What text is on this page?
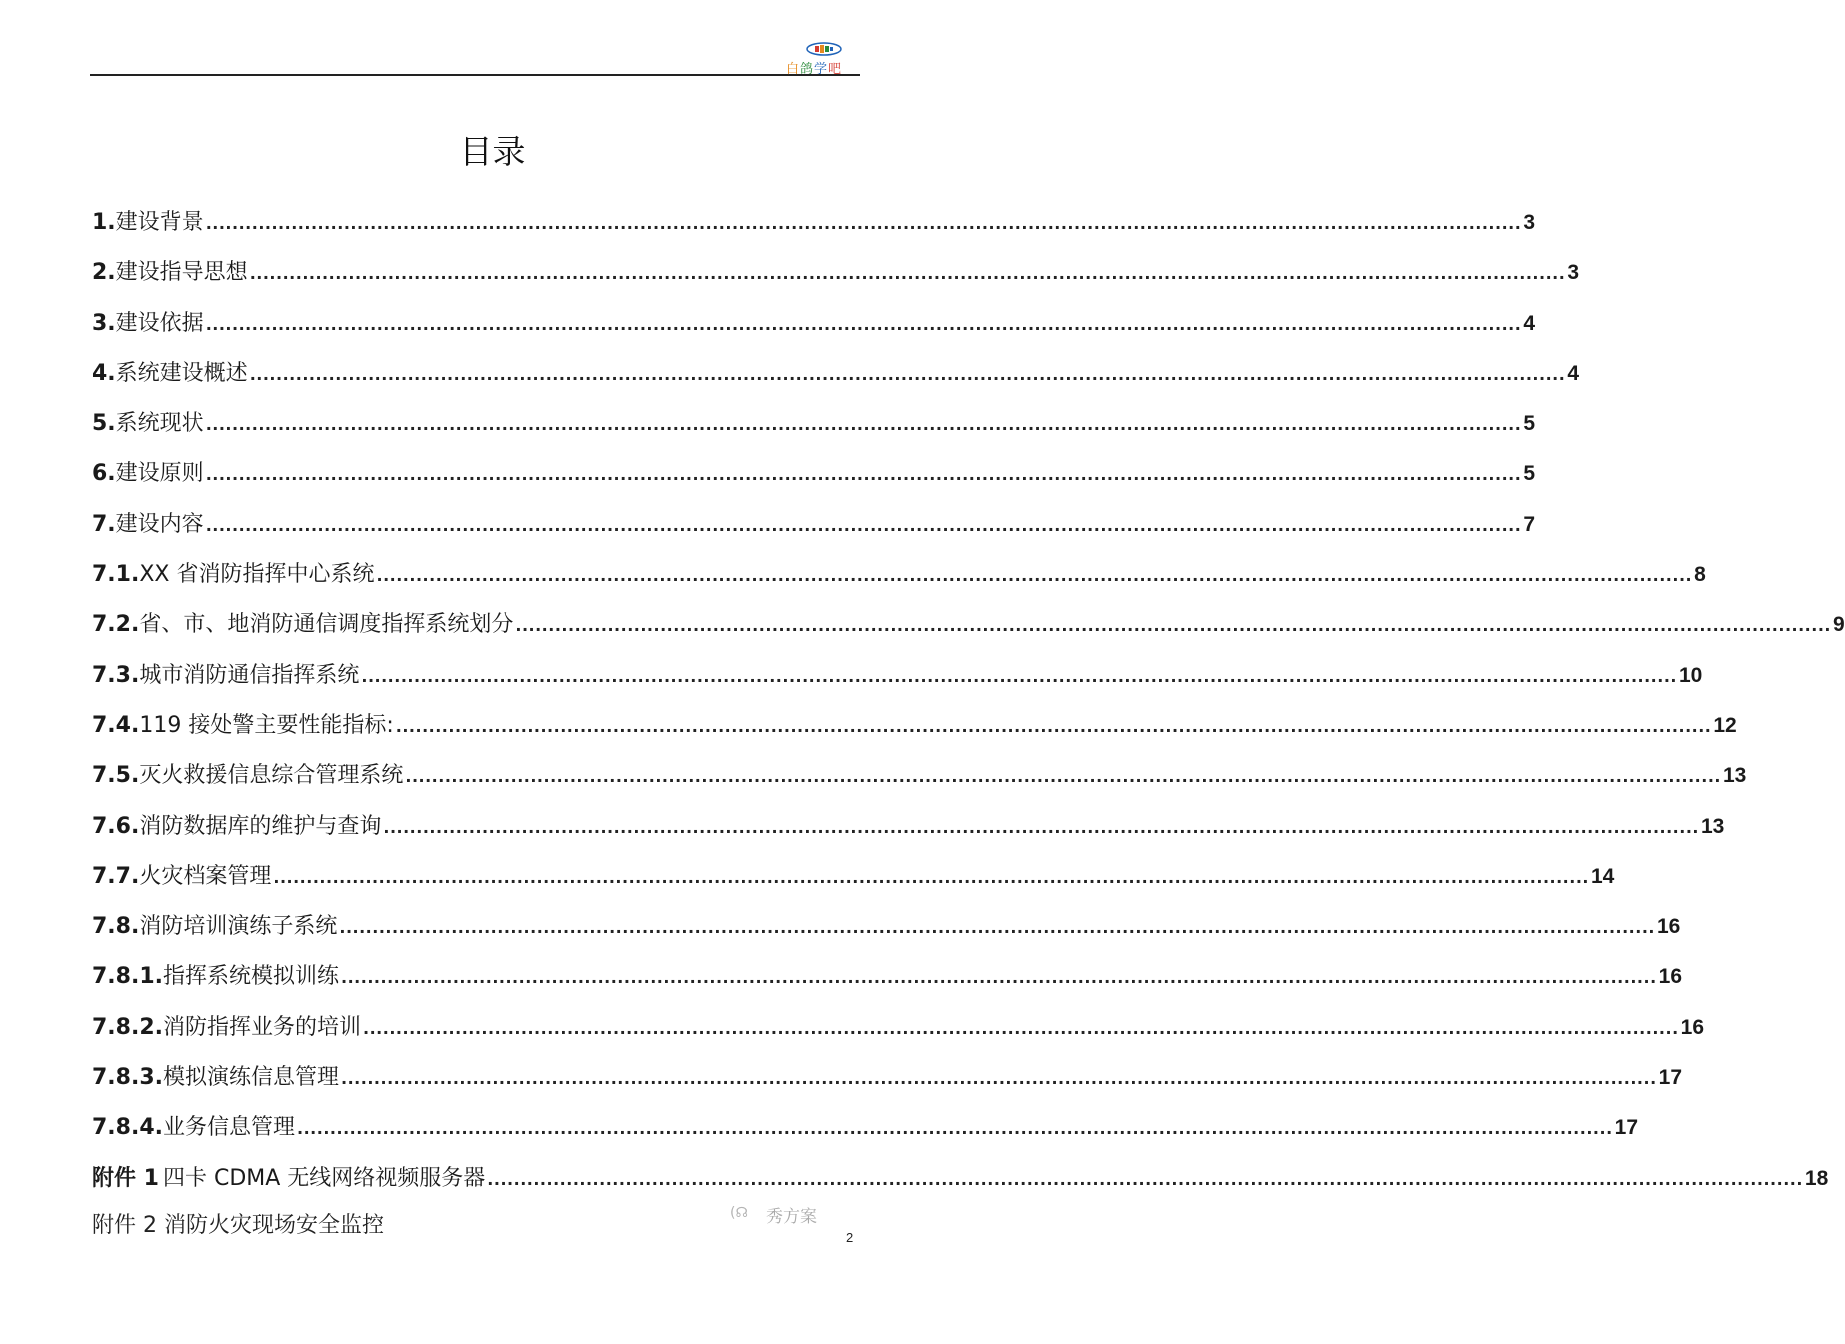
白鸽学吧
目录
1. 建设背景 .....	3
2. 建设指导思想 .....	3
3. 建设依据 .....	4
4. 系统建设概述 .....	4
5. 系统现状 .....	5
6. 建设原则 .....	5
7. 建设内容 .....	7
7.1. XX 省消防指挥中心系统 .....	8
7.2. 省、市、地消防通信调度指挥系统划分 .....	9
7.3. 城市消防通信指挥系统 .....	10
7.4. 119 接处警主要性能指标: .....	12
7.5. 灭火救援信息综合管理系统 .....	13
7.6. 消防数据库的维护与查询 .....	13
7.7. 火灾档案管理 .....	14
7.8. 消防培训演练子系统 .....	16
7.8.1. 指挥系统模拟训练 .....	16
7.8.2. 消防指挥业务的培训 .....	16
7.8.3. 模拟演练信息管理 .....	17
7.8.4. 业务信息管理 .....	17
附件 1 四卡 CDMA 无线网络视频服务器 .....	18
附件 2 消防火灾现场安全监控	(☊ 秀方案
2
